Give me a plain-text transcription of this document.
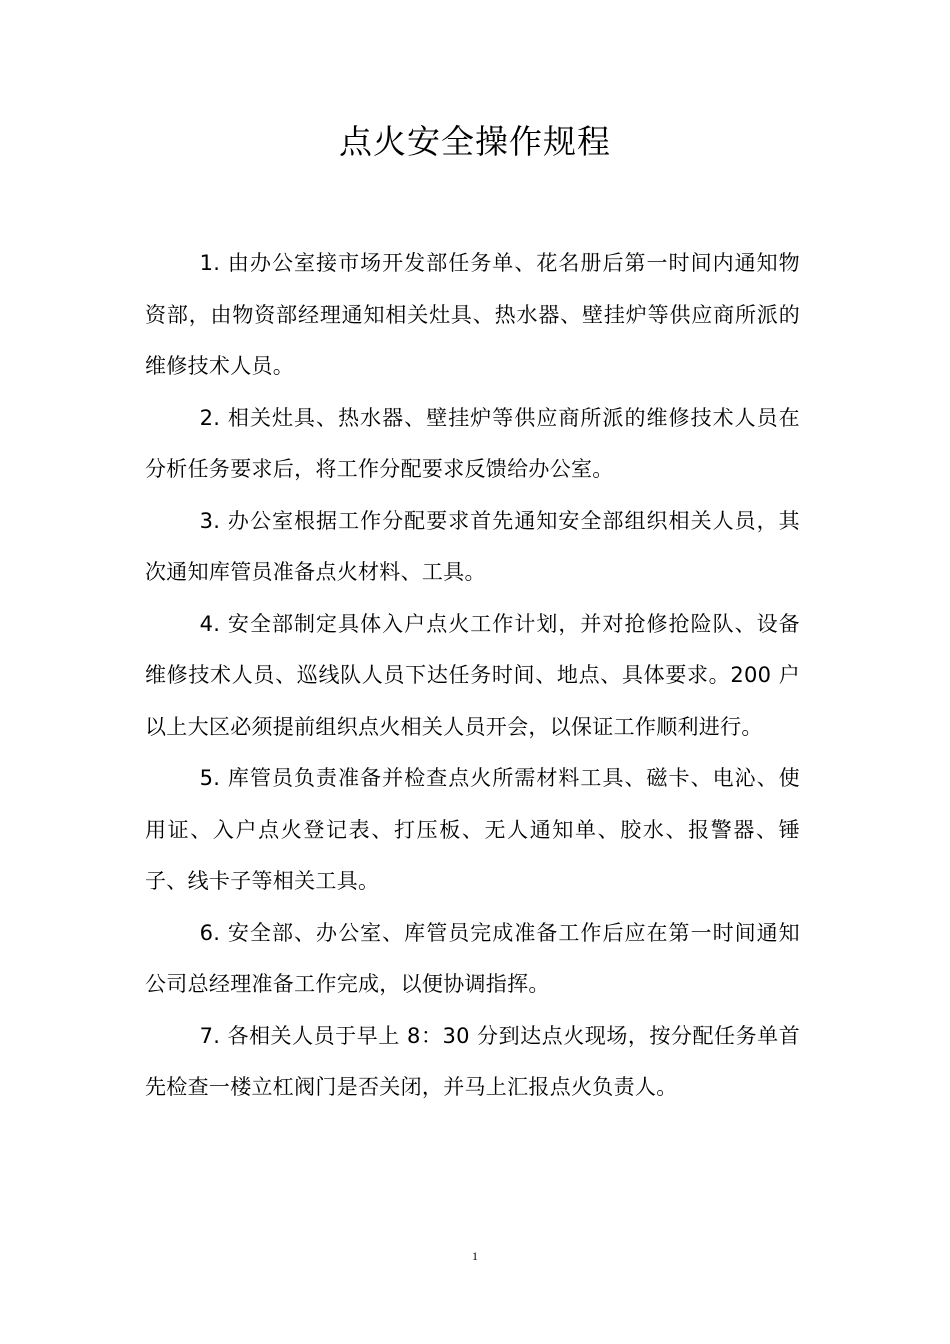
点火安全操作规程

1. 由办公室接市场开发部任务单、花名册后第一时间内通知物资部，由物资部经理通知相关灶具、热水器、壁挂炉等供应商所派的维修技术人员。

2. 相关灶具、热水器、壁挂炉等供应商所派的维修技术人员在分析任务要求后，将工作分配要求反馈给办公室。

3. 办公室根据工作分配要求首先通知安全部组织相关人员，其次通知库管员准备点火材料、工具。

4. 安全部制定具体入户点火工作计划，并对抢修抢险队、设备维修技术人员、巡线队人员下达任务时间、地点、具体要求。200 户以上大区必须提前组织点火相关人员开会，以保证工作顺利进行。

5. 库管员负责准备并检查点火所需材料工具、磁卡、电沁、使用证、入户点火登记表、打压板、无人通知单、胶水、报警器、锤子、线卡子等相关工具。

6. 安全部、办公室、库管员完成准备工作后应在第一时间通知公司总经理准备工作完成，以便协调指挥。

7. 各相关人员于早上 8：30 分到达点火现场，按分配任务单首先检查一楼立杠阀门是否关闭，并马上汇报点火负责人。

1
